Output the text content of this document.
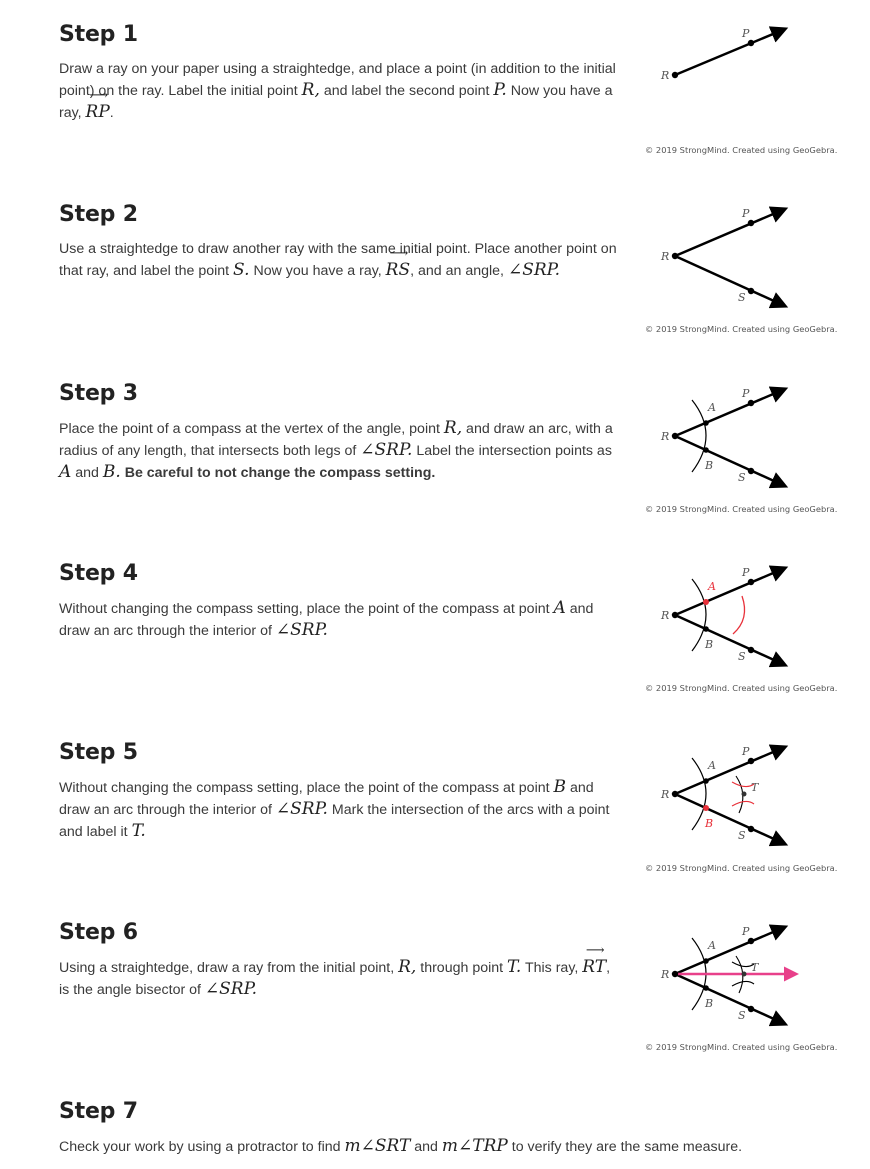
Step 1

Draw a ray on your paper using a straightedge, and place a point (in addition to the initial point) on the ray. Label the initial point R, and label the second point P. Now you have a ray, ⟶ RP.

R
P
© 2019 StrongMind. Created using GeoGebra.
Step 2

Use a straightedge to draw another ray with the same initial point. Place another point on that ray, and label the point S. Now you have a ray, ⟶ RS, and an angle, ∠SRP.

R
P
S
© 2019 StrongMind. Created using GeoGebra.
Step 3

Place the point of a compass at the vertex of the angle, point R, and draw an arc, with a radius of any length, that intersects both legs of ∠SRP. Label the intersection points as A and B. Be careful to not change the compass setting.

R
P
S
A
B
© 2019 StrongMind. Created using GeoGebra.
Step 4

Without changing the compass setting, place the point of the compass at point A and draw an arc through the interior of ∠SRP.

R
P
S
A
B
© 2019 StrongMind. Created using GeoGebra.
Step 5

Without changing the compass setting, place the point of the compass at point B and draw an arc through the interior of ∠SRP. Mark the intersection of the arcs with a point and label it T.

R
P
S
A
B
T
© 2019 StrongMind. Created using GeoGebra.
Step 6

Using a straightedge, draw a ray from the initial point, R, through point T. This ray, ⟶ RT, is the angle bisector of ∠SRP.

R
P
S
A
B
T
© 2019 StrongMind. Created using GeoGebra.
Step 7

Check your work by using a protractor to find m∠SRT and m∠TRP to verify they are the same measure.
